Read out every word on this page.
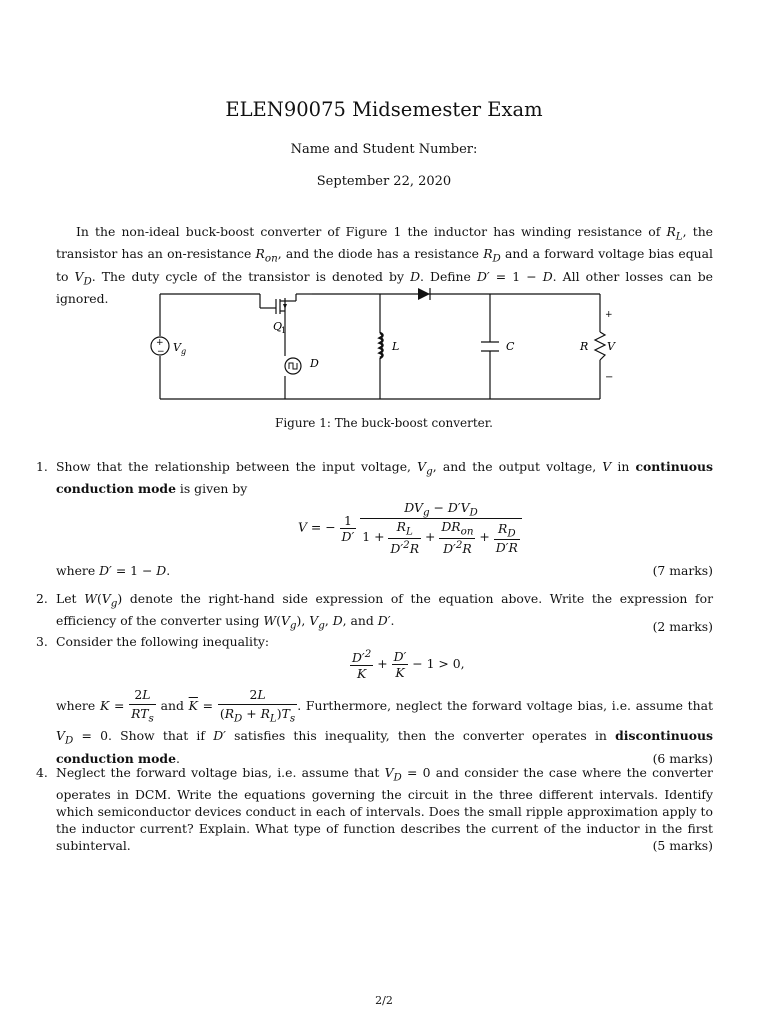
ELEN90075 Midsemester Exam
Name and Student Number:
September 22, 2020
In the non-ideal buck-boost converter of Figure 1 the inductor has winding resistance of $R_L$, the transistor has an on-resistance $R_{on}$, and the diode has a resistance $R_D$ and a forward voltage bias equal to $V_D$. The duty cycle of the transistor is denoted by D. Define D′ = 1 − D. All other losses can be ignored.
+
− V g
Q
1
D
L	C	R V
+
−
Figure 1: The buck-boost converter.
1. Show that the relationship between the input voltage, $V_g$, and the output voltage, V in continuous conduction mode is given by
V = − $\frac{1}{D'}$
$\frac{DV_g - D'V_D}{1 + \frac{R_L}{D'^2R} + \frac{DR_{on}}{D'^2R} + \frac{R_D}{D'R}}$
where D′ = 1 − D.	(7 marks)
2. Let $W(V_g)$ denote the right-hand side expression of the equation above. Write the expression for efficiency of the converter using $W(V_g)$, $V_g$, D, and D′.	(2 marks)
3. Consider the following inequality:
$\frac{D'^2}{K} + \frac{D'}{K} - 1 > 0$,
where $K = \frac{2L}{RT_s}$ and $\overline{K} = \frac{2L}{(R_D + R_L)T_s}$ . Furthermore, neglect the forward voltage bias, i.e. assume that $V_D = 0$. Show that if D′ satisfies this inequality, then the converter operates in discontinuous conduction mode.	(6 marks)
4. Neglect the forward voltage bias, i.e. assume that $V_D = 0$ and consider the case where the converter operates in DCM. Write the equations governing the circuit in the three different intervals. Identify which semiconductor devices conduct in each of intervals. Does the small ripple approximation apply to the inductor current? Explain. What type of function describes the current of the inductor in the first subinterval.	(5 marks)
2/2
